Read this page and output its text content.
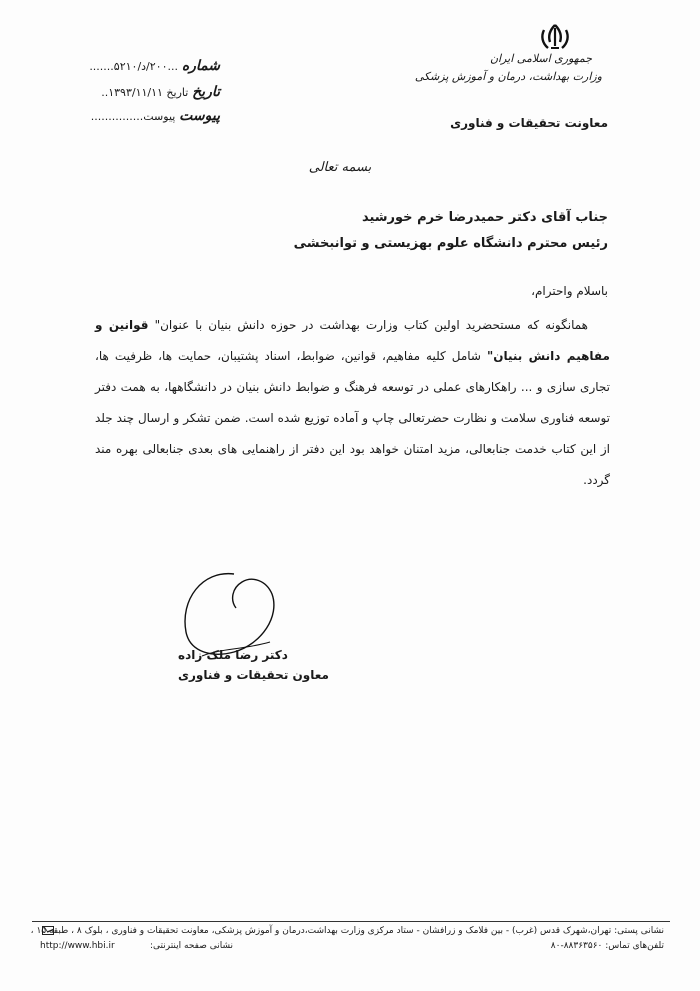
جمهوری اسلامی ایران
وزارت بهداشت، درمان و آموزش پزشکی
معاونت تحقیقات و فناوری
شماره ...۲۰۰/د/۵۲۱۰.......
تاریخ تاریخ ۱۳۹۳/۱۱/۱۱..
پیوست پیوست...............
بسمه تعالی
جناب آقای دکتر حمیدرضا خرم خورشید
رئیس محترم دانشگاه علوم بهزیستی و توانبخشی
باسلام واحترام،

همانگونه که مستحضرید اولین کتاب وزارت بهداشت در حوزه دانش بنیان با عنوان" قوانین و مفاهیم دانش بنیان" شامل کلیه مفاهیم، قوانین، ضوابط، اسناد پشتیبان، حمایت ها، ظرفیت ها، تجاری سازی و ... راهکارهای عملی در توسعه فرهنگ و ضوابط دانش بنیان در دانشگاهها، به همت دفتر توسعه فناوری سلامت و نظارت حضرتعالی چاپ و آماده توزیع شده است. ضمن تشکر و ارسال چند جلد از این کتاب خدمت جنابعالی، مزید امتنان خواهد بود این دفتر از راهنمایی های بعدی جنابعالی بهره مند گردد.

دکتر رضا ملک زاده
معاون تحقیقات و فناوری
نشانی پستی: تهران،شهرک قدس (غرب) - بین فلامک و زرافشان - ستاد مرکزی وزارت بهداشت،درمان و آموزش پزشکی، معاونت تحقیقات و فناوری ، بلوک ۸ ، طبقه ۱۵ ،
تلفن‌های تماس: ۸۸۳۶۳۵۶۰-۸۰
نشانی صفحه اینترنتی:
http://www.hbi.ir
